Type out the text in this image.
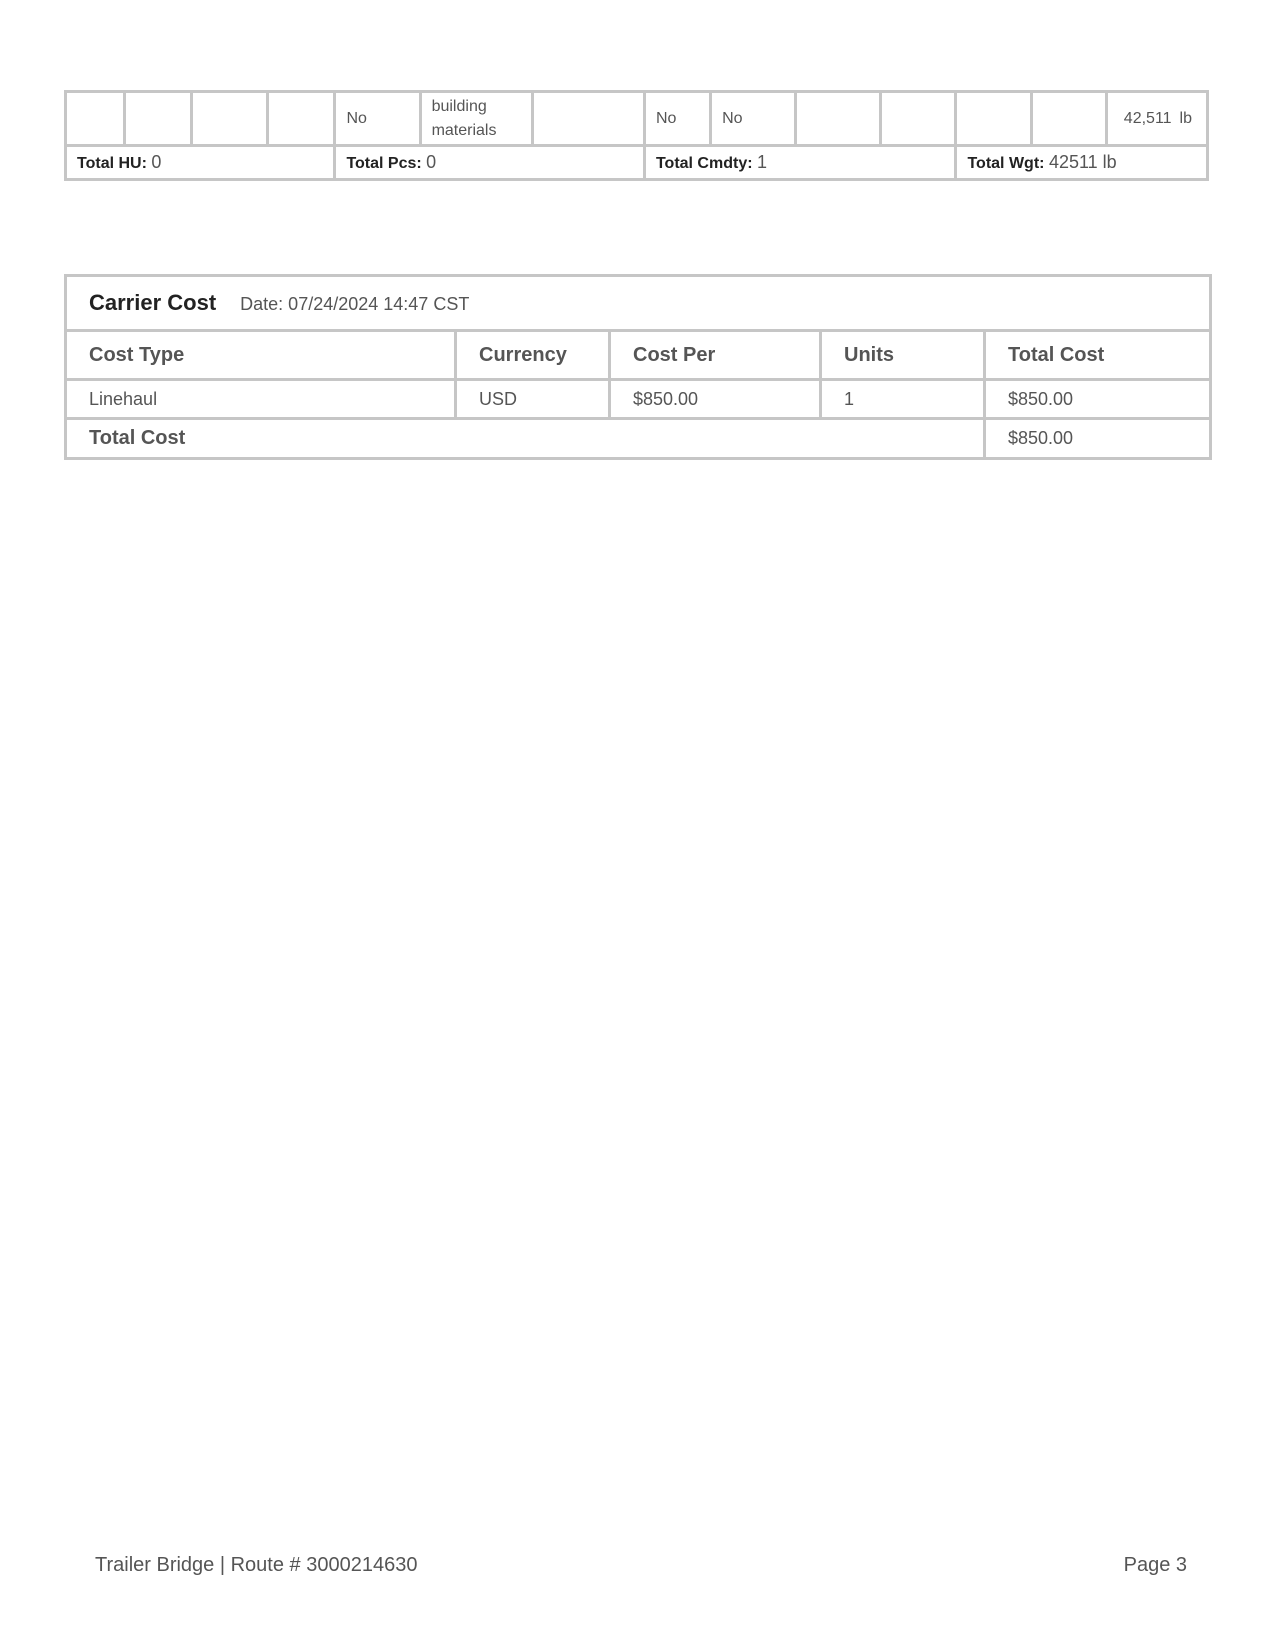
				No	building materials		No	No					42,511 lb
Total HU: 0				Total Pcs: 0			Total Cmdty: 1				Total Wgt: 42511 lb		
Carrier Cost Date: 07/24/2024 14:47 CST				
Cost Type	Currency	Cost Per	Units	Total Cost
Linehaul	USD	$850.00	1	$850.00
Total Cost				$850.00
Trailer Bridge | Route # 3000214630	Page 3
